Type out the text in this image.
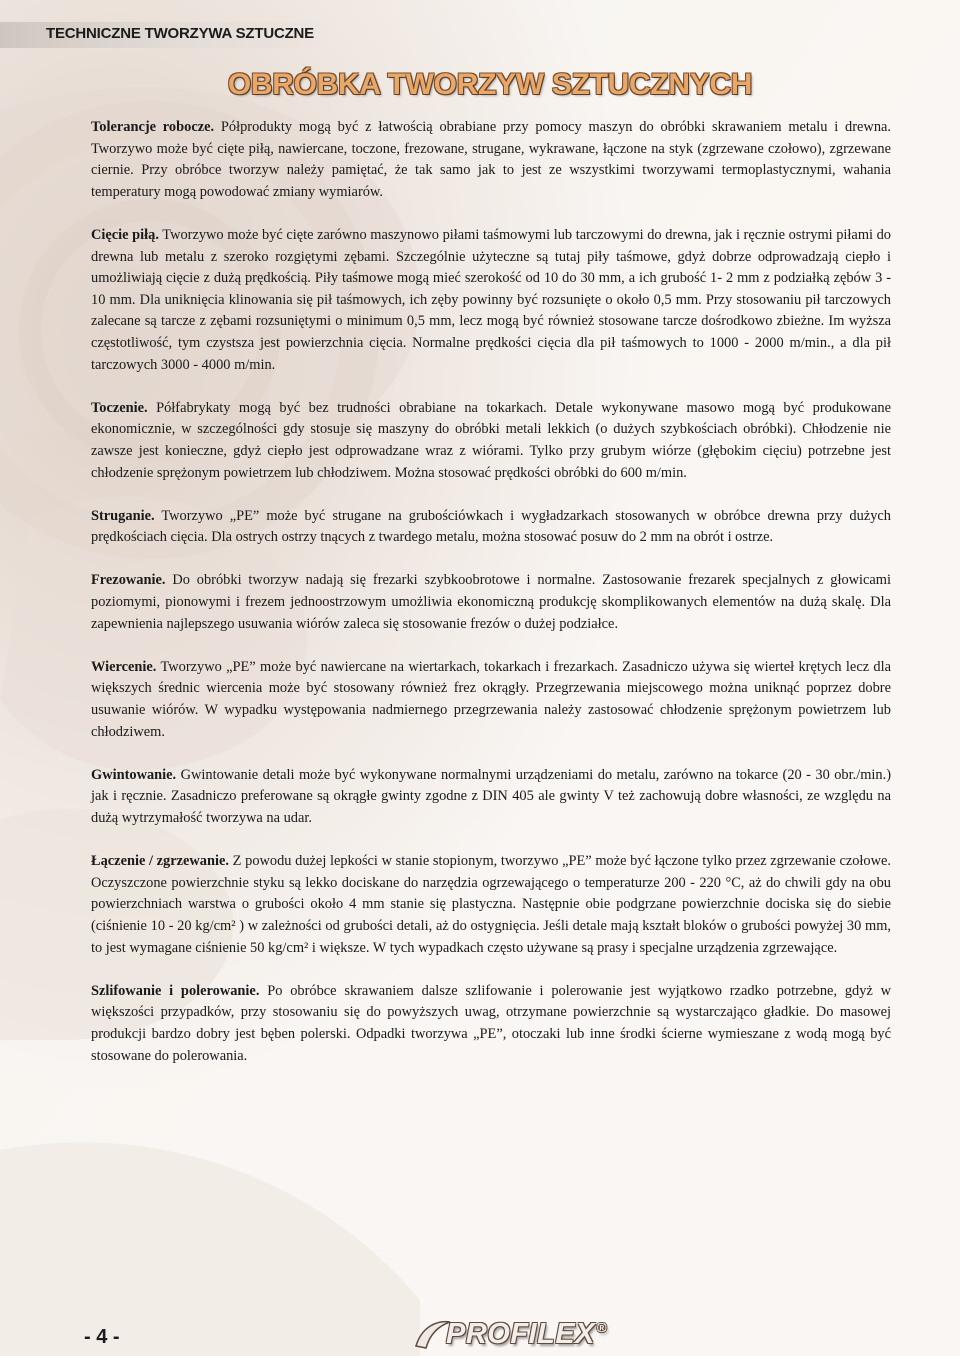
TECHNICZNE TWORZYWA SZTUCZNE
OBRÓBKA TWORZYW SZTUCZNYCH

Tolerancje robocze. Półprodukty mogą być z łatwością obrabiane przy pomocy maszyn do obróbki skrawaniem metalu i drewna. Tworzywo może być cięte piłą, nawiercane, toczone, frezowane, strugane, wykrawane, łączone na styk (zgrzewane czołowo), zgrzewane ciernie. Przy obróbce tworzyw należy pamiętać, że tak samo jak to jest ze wszystkimi tworzywami termoplastycznymi, wahania temperatury mogą powodować zmiany wymiarów.

Cięcie piłą. Tworzywo może być cięte zarówno maszynowo piłami taśmowymi lub tarczowymi do drewna, jak i ręcznie ostrymi piłami do drewna lub metalu z szeroko rozgiętymi zębami. Szczególnie użyteczne są tutaj piły taśmowe, gdyż dobrze odprowadzają ciepło i umożliwiają cięcie z dużą prędkością. Piły taśmowe mogą mieć szerokość od 10 do 30 mm, a ich grubość 1- 2 mm z podziałką zębów 3 - 10 mm. Dla uniknięcia klinowania się pił taśmowych, ich zęby powinny być rozsunięte o około 0,5 mm. Przy stosowaniu pił tarczowych zalecane są tarcze z zębami rozsuniętymi o minimum 0,5 mm, lecz mogą być również stosowane tarcze dośrodkowo zbieżne. Im wyższa częstotliwość, tym czystsza jest powierzchnia cięcia. Normalne prędkości cięcia dla pił taśmowych to 1000 - 2000 m/min., a dla pił tarczowych 3000 - 4000 m/min.

Toczenie. Półfabrykaty mogą być bez trudności obrabiane na tokarkach. Detale wykonywane masowo mogą być produkowane ekonomicznie, w szczególności gdy stosuje się maszyny do obróbki metali lekkich (o dużych szybkościach obróbki). Chłodzenie nie zawsze jest konieczne, gdyż ciepło jest odprowadzane wraz z wiórami. Tylko przy grubym wiórze (głębokim cięciu) potrzebne jest chłodzenie sprężonym powietrzem lub chłodziwem. Można stosować prędkości obróbki do 600 m/min.

Struganie. Tworzywo „PE” może być strugane na grubościówkach i wygładzarkach stosowanych w obróbce drewna przy dużych prędkościach cięcia. Dla ostrych ostrzy tnących z twardego metalu, można stosować posuw do 2 mm na obrót i ostrze.

Frezowanie. Do obróbki tworzyw nadają się frezarki szybkoobrotowe i normalne. Zastosowanie frezarek specjalnych z głowicami poziomymi, pionowymi i frezem jednoostrzowym umożliwia ekonomiczną produkcję skomplikowanych elementów na dużą skalę. Dla zapewnienia najlepszego usuwania wiórów zaleca się stosowanie frezów o dużej podziałce.

Wiercenie. Tworzywo „PE” może być nawiercane na wiertarkach, tokarkach i frezarkach. Zasadniczo używa się wierteł krętych lecz dla większych średnic wiercenia może być stosowany również frez okrągły. Przegrzewania miejscowego można uniknąć poprzez dobre usuwanie wiórów. W wypadku występowania nadmiernego przegrzewania należy zastosować chłodzenie sprężonym powietrzem lub chłodziwem.

Gwintowanie. Gwintowanie detali może być wykonywane normalnymi urządzeniami do metalu, zarówno na tokarce (20 - 30 obr./min.) jak i ręcznie. Zasadniczo preferowane są okrągłe gwinty zgodne z DIN 405 ale gwinty V też zachowują dobre własności, ze względu na dużą wytrzymałość tworzywa na udar.

Łączenie / zgrzewanie. Z powodu dużej lepkości w stanie stopionym, tworzywo „PE” może być łączone tylko przez zgrzewanie czołowe. Oczyszczone powierzchnie styku są lekko dociskane do narzędzia ogrzewającego o temperaturze 200 - 220 °C, aż do chwili gdy na obu powierzchniach warstwa o grubości około 4 mm stanie się plastyczna. Następnie obie podgrzane powierzchnie dociska się do siebie (ciśnienie 10 - 20 kg/cm² ) w zależności od grubości detali, aż do ostygnięcia. Jeśli detale mają kształt bloków o grubości powyżej 30 mm, to jest wymagane ciśnienie 50 kg/cm² i większe. W tych wypadkach często używane są prasy i specjalne urządzenia zgrzewające.

Szlifowanie i polerowanie. Po obróbce skrawaniem dalsze szlifowanie i polerowanie jest wyjątkowo rzadko potrzebne, gdyż w większości przypadków, przy stosowaniu się do powyższych uwag, otrzymane powierzchnie są wystarczająco gładkie. Do masowej produkcji bardzo dobry jest bęben polerski. Odpadki tworzywa „PE”, otoczaki lub inne środki ścierne wymieszane z wodą mogą być stosowane do polerowania.

- 4 -	PROFILEX ®
